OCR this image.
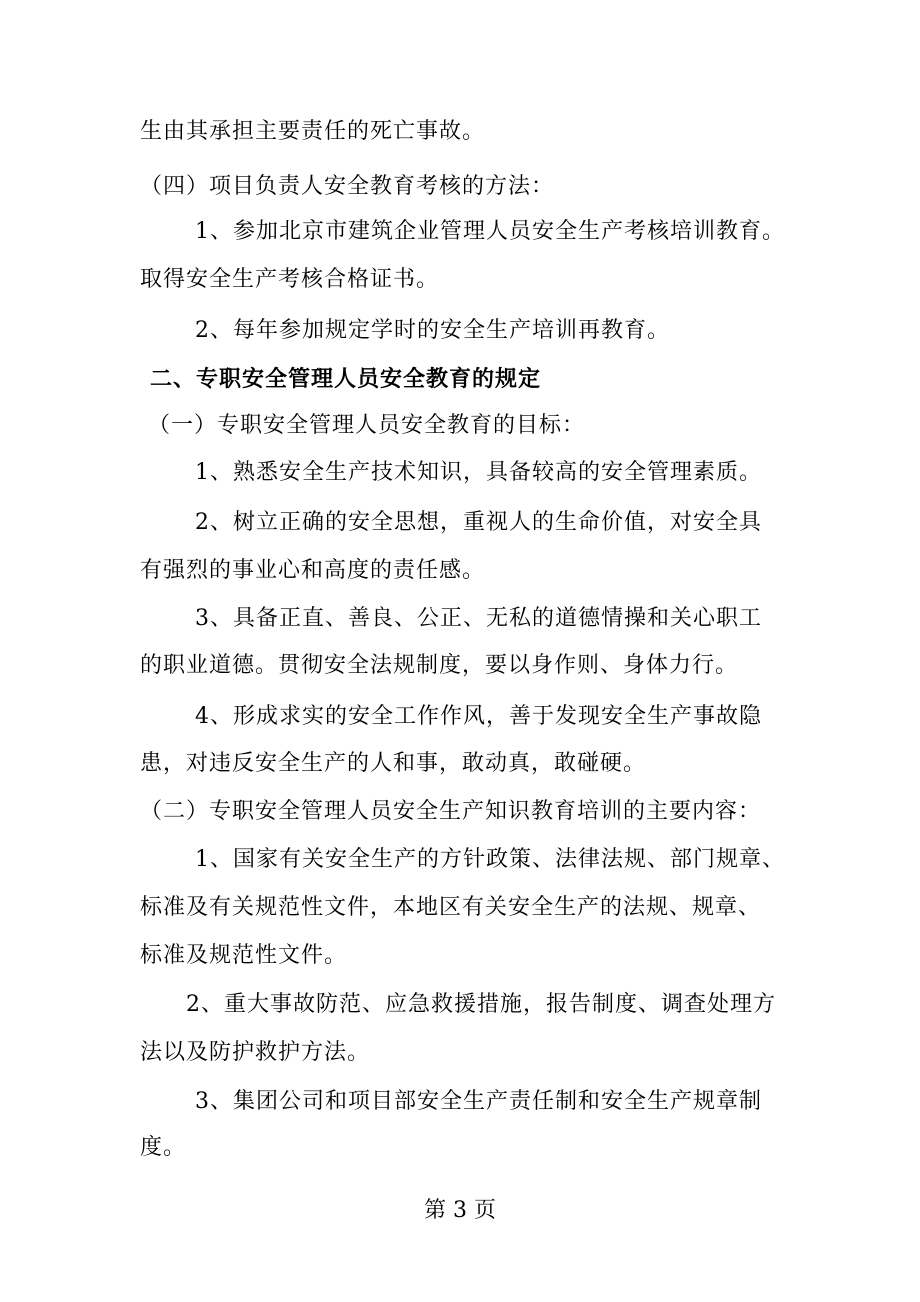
生由其承担主要责任的死亡事故。
（四）项目负责人安全教育考核的方法：
1、参加北京市建筑企业管理人员安全生产考核培训教育。
取得安全生产考核合格证书。
2、每年参加规定学时的安全生产培训再教育。
二、专职安全管理人员安全教育的规定
（一）专职安全管理人员安全教育的目标：
1、熟悉安全生产技术知识，具备较高的安全管理素质。
2、树立正确的安全思想，重视人的生命价值，对安全具
有强烈的事业心和高度的责任感。
3、具备正直、善良、公正、无私的道德情操和关心职工
的职业道德。贯彻安全法规制度，要以身作则、身体力行。
4、形成求实的安全工作作风，善于发现安全生产事故隐
患，对违反安全生产的人和事，敢动真，敢碰硬。
（二）专职安全管理人员安全生产知识教育培训的主要内容：
1、国家有关安全生产的方针政策、法律法规、部门规章、
标准及有关规范性文件，本地区有关安全生产的法规、规章、
标准及规范性文件。
2、重大事故防范、应急救援措施，报告制度、调查处理方
法以及防护救护方法。
3、集团公司和项目部安全生产责任制和安全生产规章制
度。
第 3 页
